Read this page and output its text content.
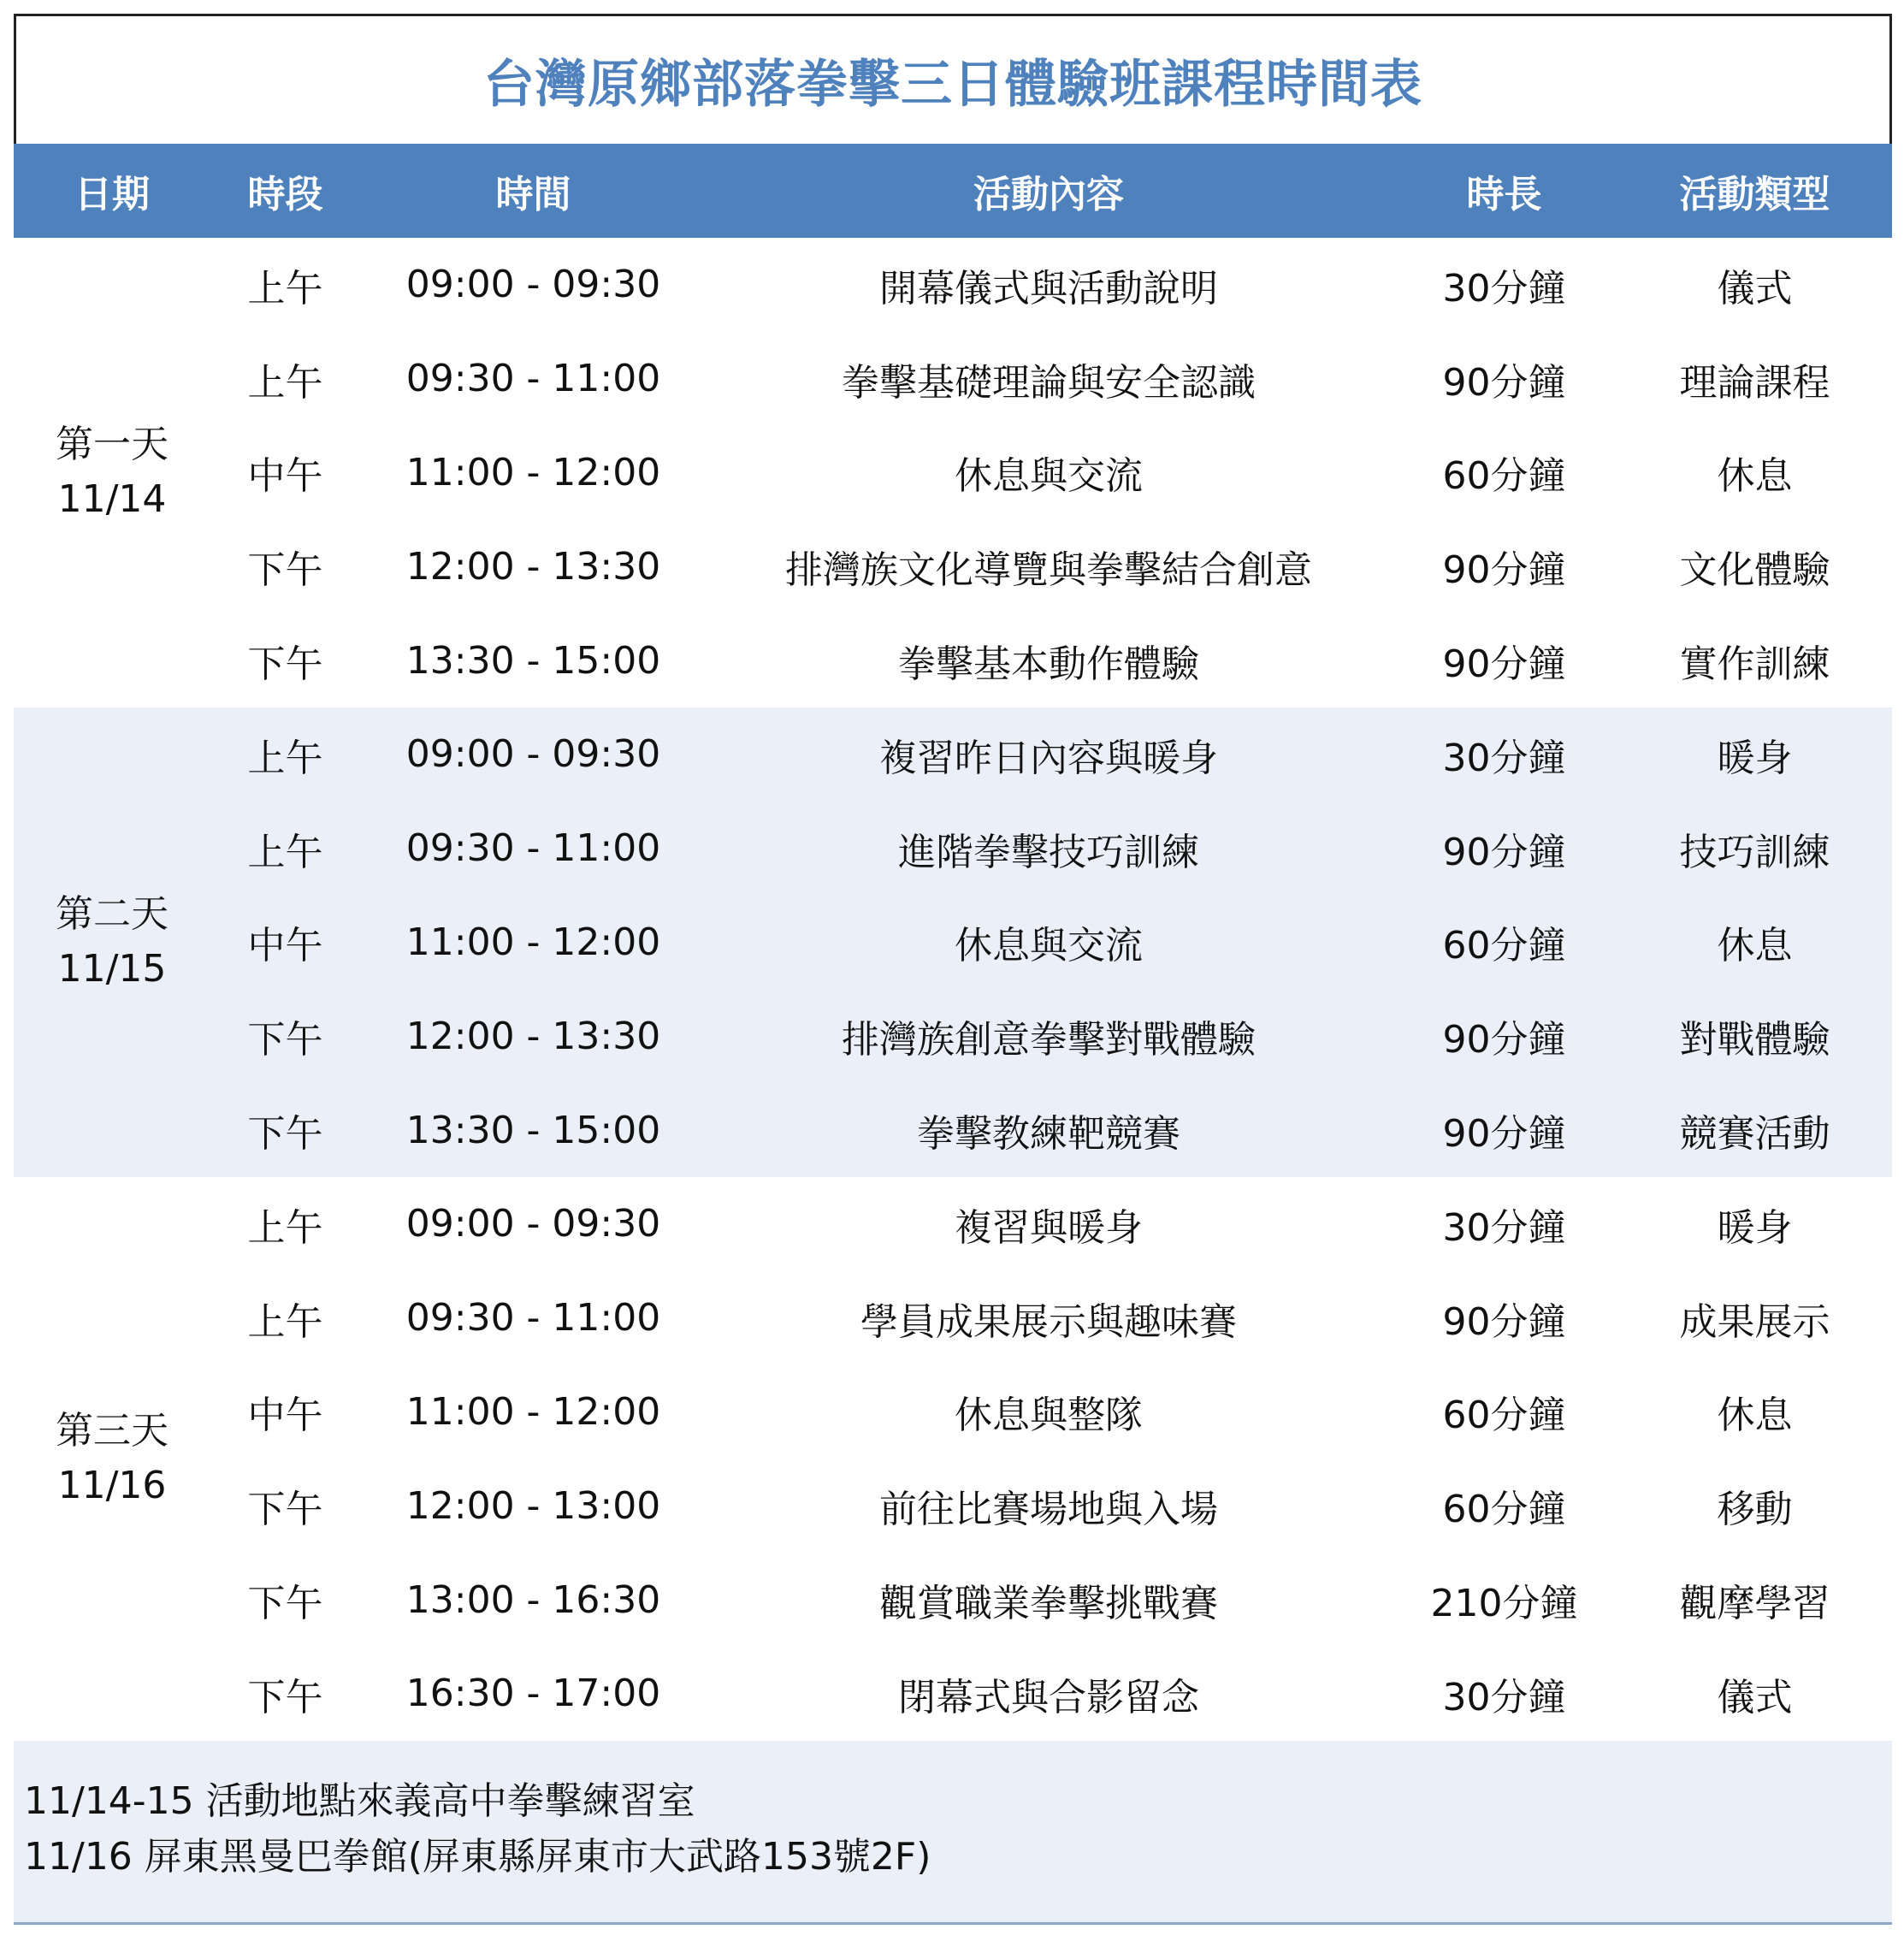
台灣原鄉部落拳擊三日體驗班課程時間表
日期	時段	時間	活動內容	時長	活動類型
第一天
11/14	上午	09:00 - 09:30	開幕儀式與活動說明	30分鐘	儀式
	上午	09:30 - 11:00	拳擊基礎理論與安全認識	90分鐘	理論課程
	中午	11:00 - 12:00	休息與交流	60分鐘	休息
	下午	12:00 - 13:30	排灣族文化導覽與拳擊結合創意	90分鐘	文化體驗
	下午	13:30 - 15:00	拳擊基本動作體驗	90分鐘	實作訓練
第二天
11/15	上午	09:00 - 09:30	複習昨日內容與暖身	30分鐘	暖身
	上午	09:30 - 11:00	進階拳擊技巧訓練	90分鐘	技巧訓練
	中午	11:00 - 12:00	休息與交流	60分鐘	休息
	下午	12:00 - 13:30	排灣族創意拳擊對戰體驗	90分鐘	對戰體驗
	下午	13:30 - 15:00	拳擊教練靶競賽	90分鐘	競賽活動
第三天
11/16	上午	09:00 - 09:30	複習與暖身	30分鐘	暖身
	上午	09:30 - 11:00	學員成果展示與趣味賽	90分鐘	成果展示
	中午	11:00 - 12:00	休息與整隊	60分鐘	休息
	下午	12:00 - 13:00	前往比賽場地與入場	60分鐘	移動
	下午	13:00 - 16:30	觀賞職業拳擊挑戰賽	210分鐘	觀摩學習
	下午	16:30 - 17:00	閉幕式與合影留念	30分鐘	儀式

11/14-15 活動地點來義高中拳擊練習室

11/16 屏東黑曼巴拳館(屏東縣屏東市大武路153號2F)
